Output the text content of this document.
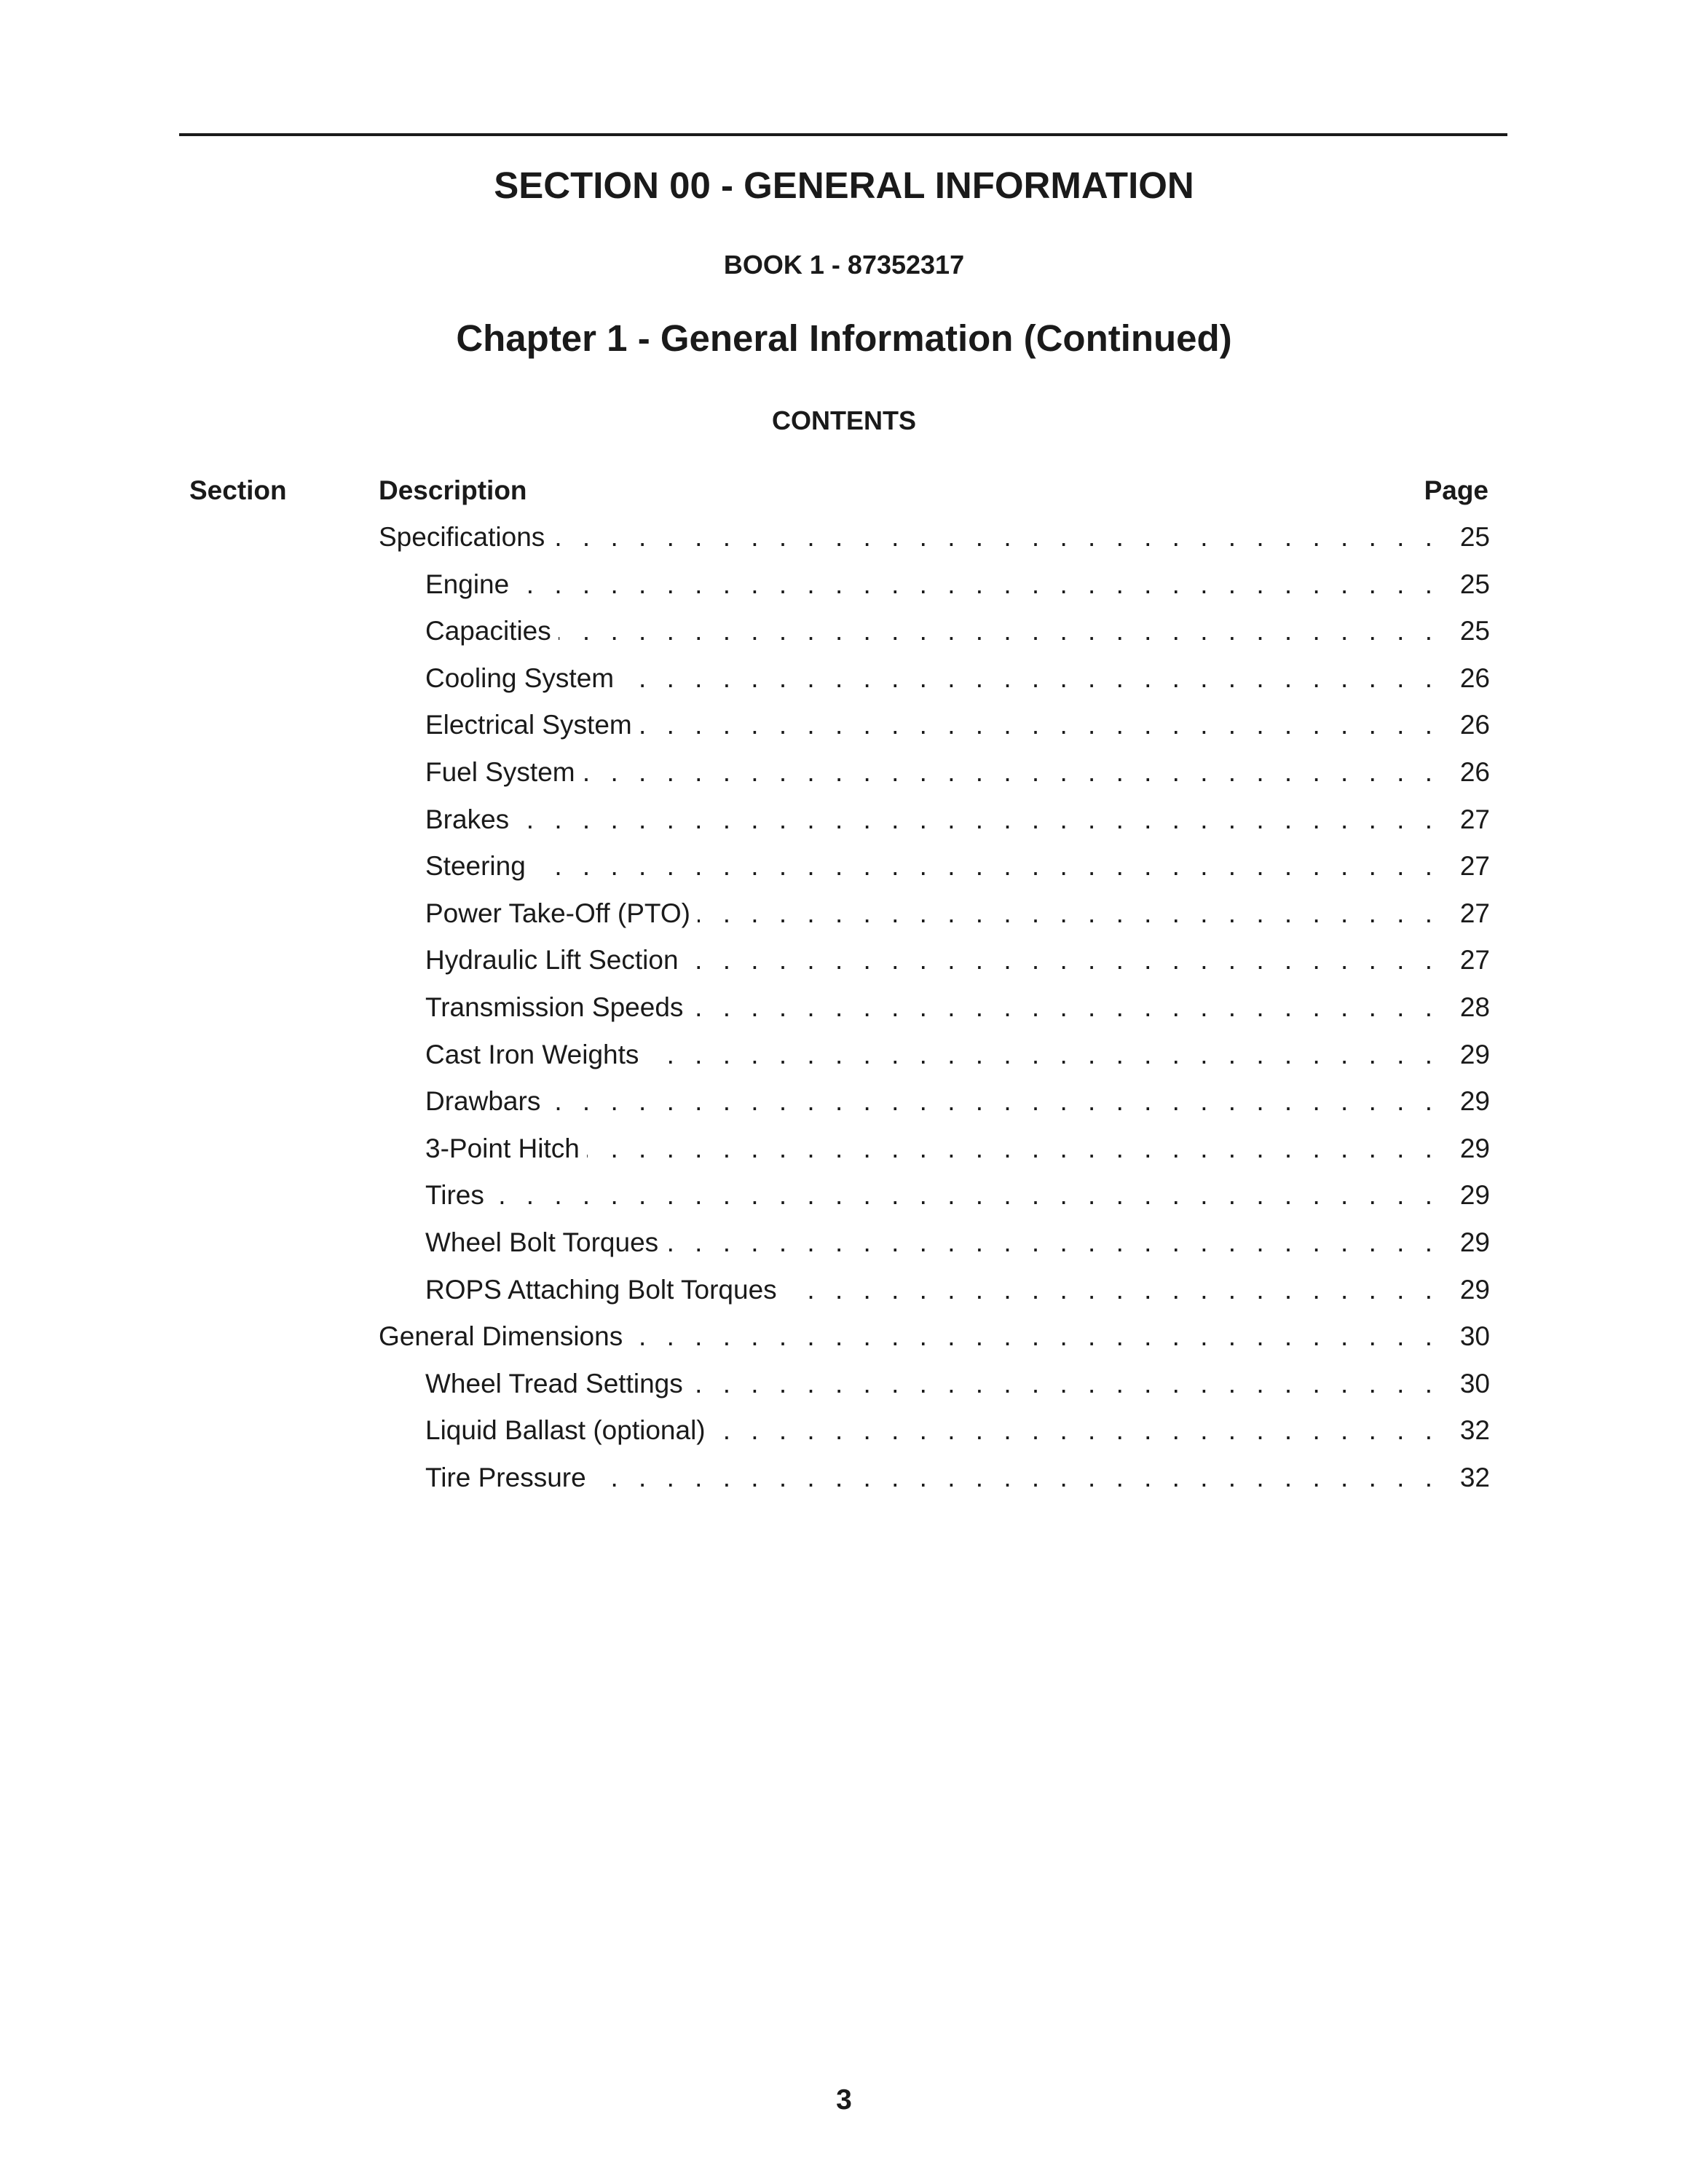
SECTION 00 - GENERAL INFORMATION
BOOK 1 - 87352317
Chapter 1 - General Information (Continued)
CONTENTS
Section	Description	Page
Specifications . . .	25
Engine . . .	25
Capacities . . .	25
Cooling System . . .	26
Electrical System . . .	26
Fuel System . . .	26
Brakes . . .	27
Steering . . .	27
Power Take-Off (PTO) . . .	27
Hydraulic Lift Section . . .	27
Transmission Speeds . . .	28
Cast Iron Weights . . .	29
Drawbars . . .	29
3-Point Hitch . . .	29
Tires . . .	29
Wheel Bolt Torques . . .	29
ROPS Attaching Bolt Torques . . .	29
General Dimensions . . .	30
Wheel Tread Settings . . .	30
Liquid Ballast (optional) . . .	32
Tire Pressure . . .	32
3
